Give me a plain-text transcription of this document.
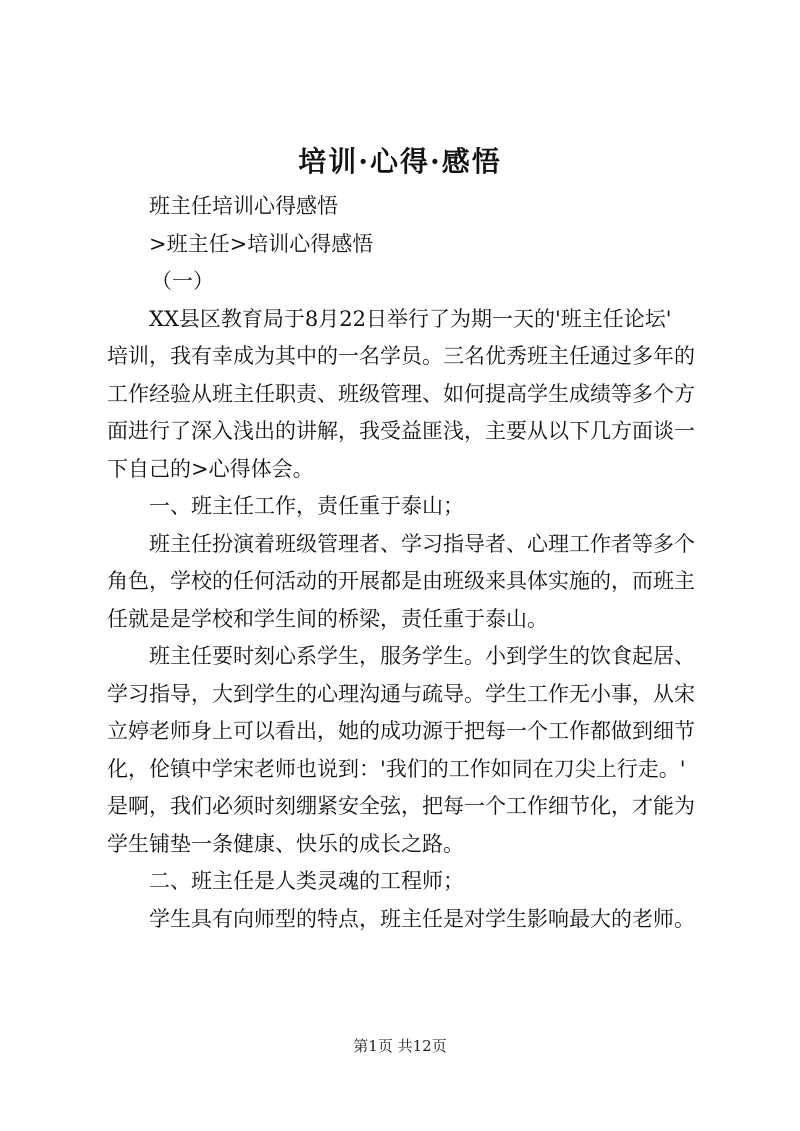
培训·心得·感悟

班主任培训心得感悟

>班主任>培训心得感悟

（一）

XX县区教育局于8月22日举行了为期一天的'班主任论坛'

培训，我有幸成为其中的一名学员。三名优秀班主任通过多年的

工作经验从班主任职责、班级管理、如何提高学生成绩等多个方

面进行了深入浅出的讲解，我受益匪浅，主要从以下几方面谈一

下自己的>心得体会。

一、班主任工作，责任重于泰山；

班主任扮演着班级管理者、学习指导者、心理工作者等多个

角色，学校的任何活动的开展都是由班级来具体实施的，而班主

任就是是学校和学生间的桥梁，责任重于泰山。

班主任要时刻心系学生，服务学生。小到学生的饮食起居、

学习指导，大到学生的心理沟通与疏导。学生工作无小事，从宋

立婷老师身上可以看出，她的成功源于把每一个工作都做到细节

化，伦镇中学宋老师也说到：'我们的工作如同在刀尖上行走。'

是啊，我们必须时刻绷紧安全弦，把每一个工作细节化，才能为

学生铺垫一条健康、快乐的成长之路。

二、班主任是人类灵魂的工程师；

学生具有向师型的特点，班主任是对学生影响最大的老师。

第1页 共12页
